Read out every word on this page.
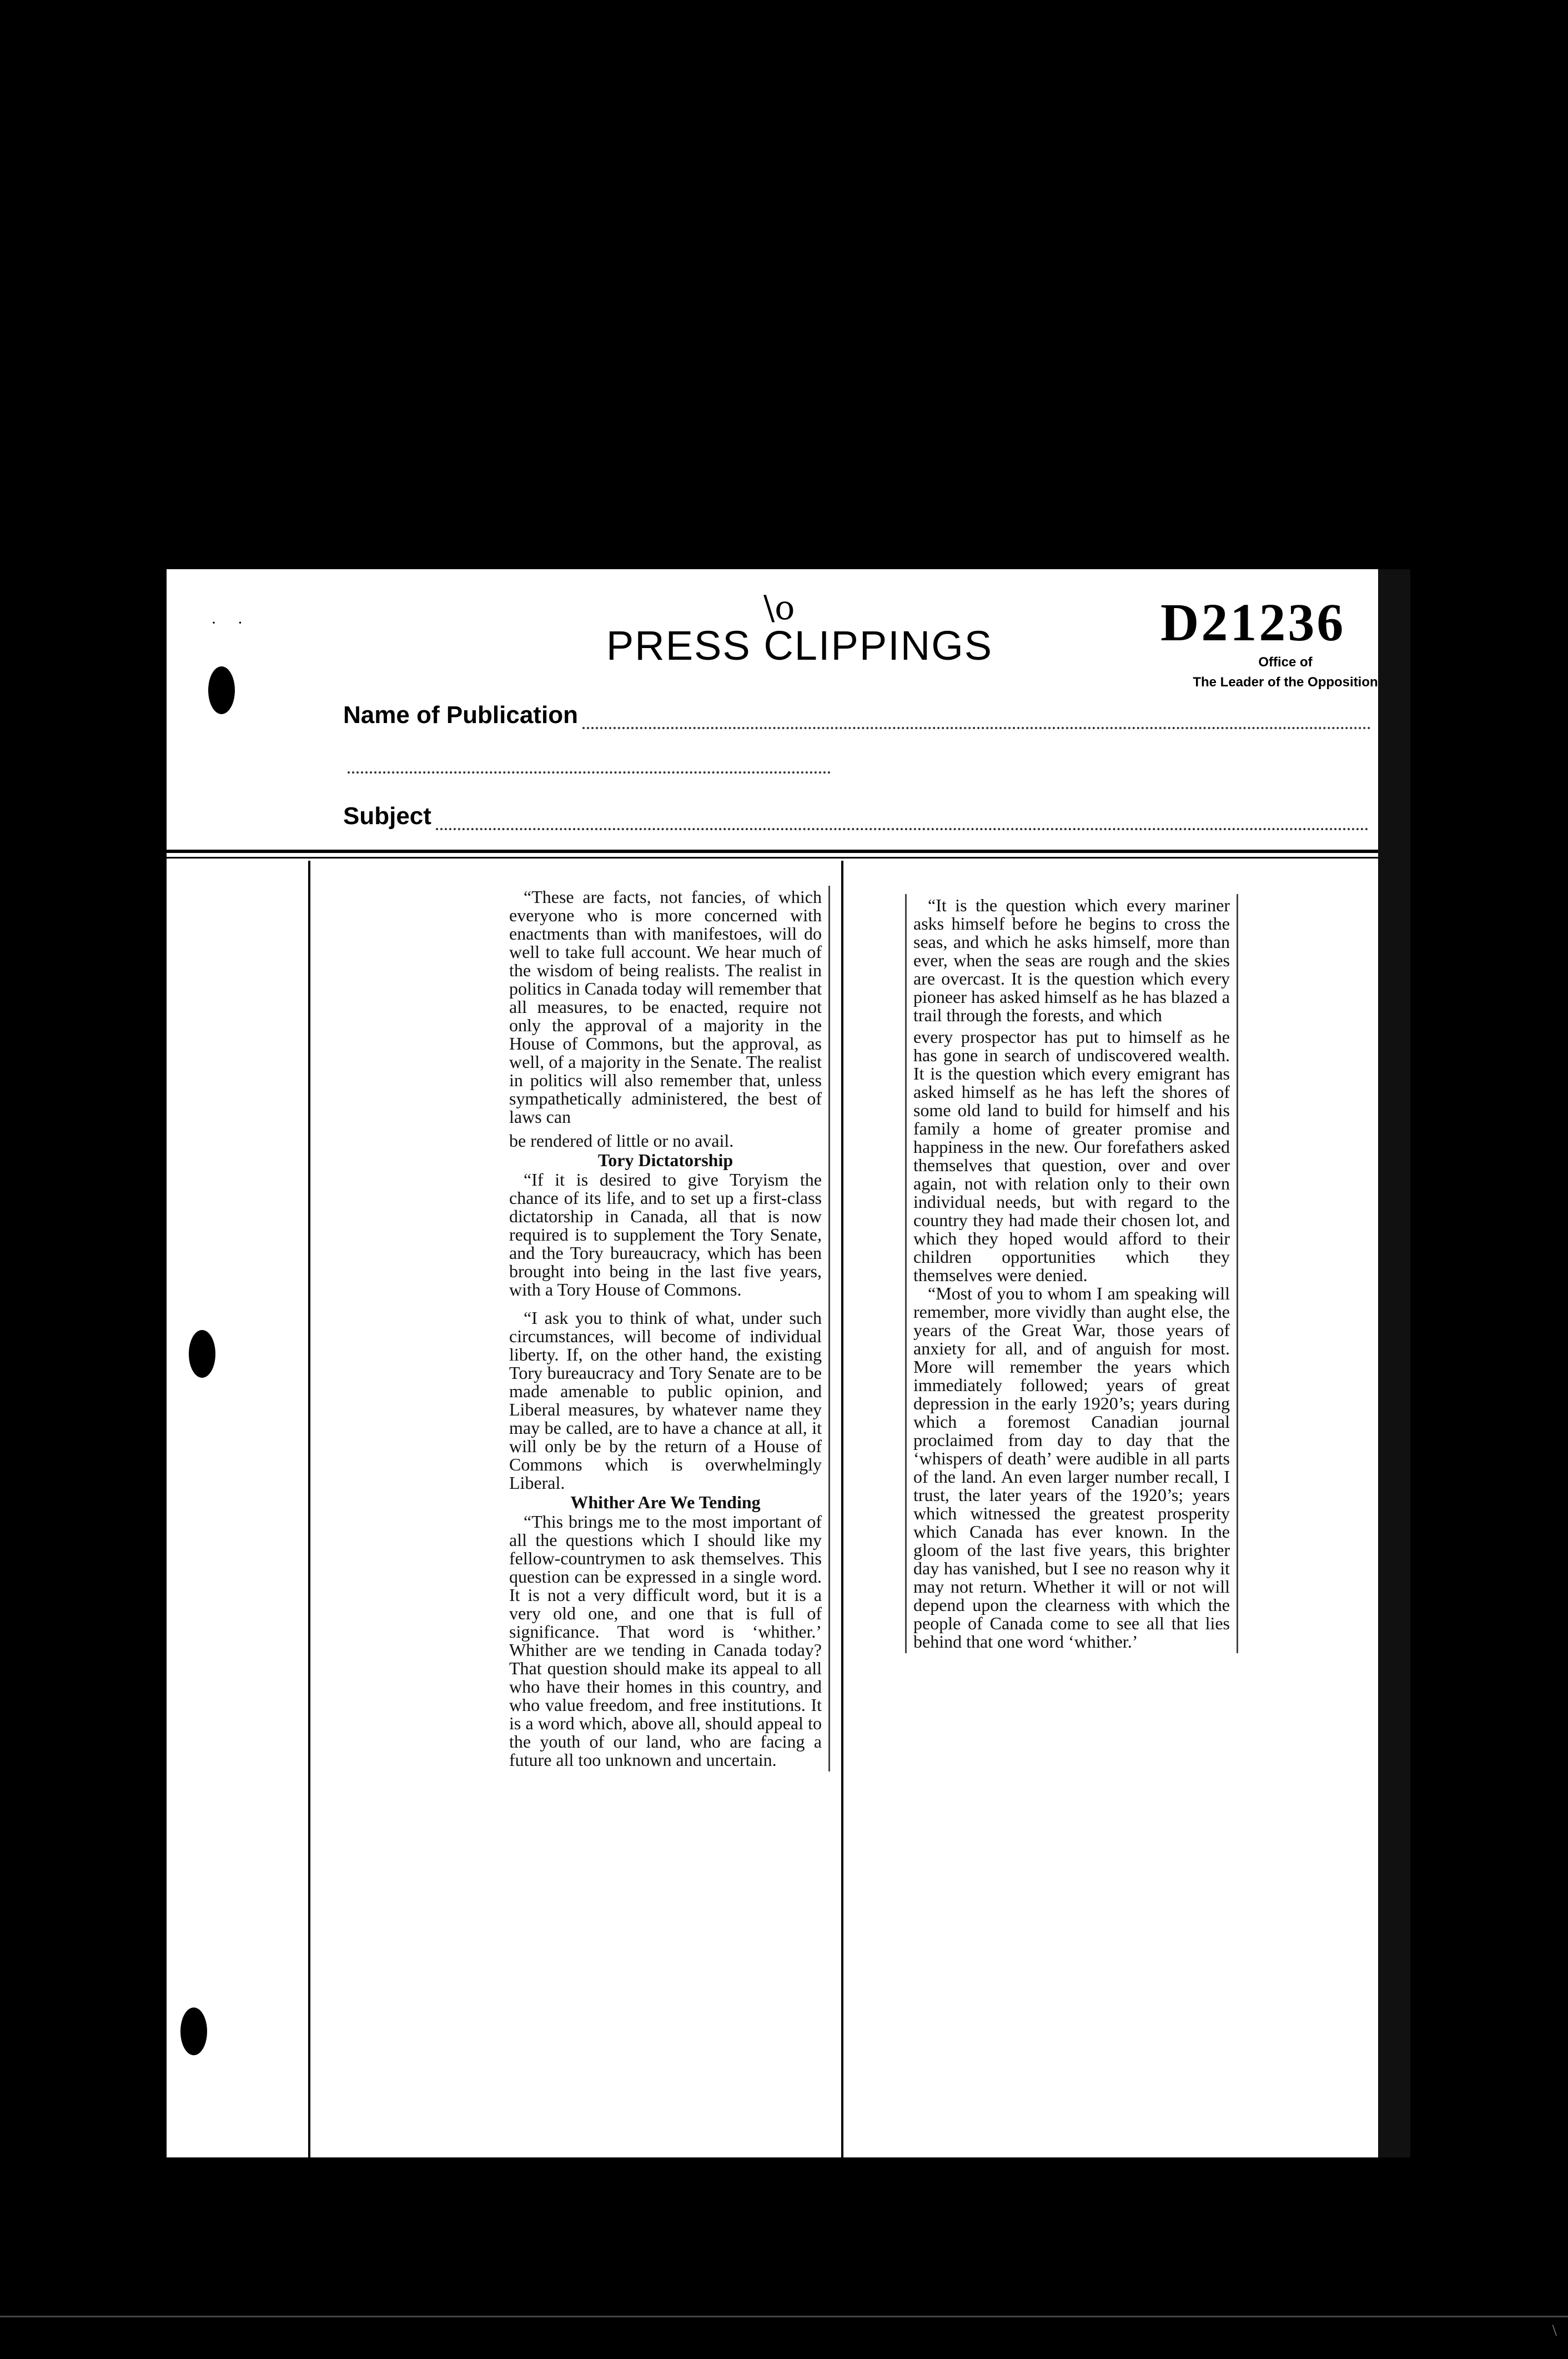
·     ·	\o
PRESS CLIPPINGS	D21236
Office of
The Leader of the Opposition
Name of Publication
Subject

“These are facts, not fancies, of which everyone who is more concerned with enactments than with manifestoes, will do well to take full account. We hear much of the wisdom of being realists. The realist in politics in Canada today will remember that all measures, to be enacted, require not only the approval of a majority in the House of Commons, but the approval, as well, of a majority in the Senate. The realist in politics will also remember that, unless sympathetically administered, the best of laws can

be rendered of little or no avail.

Tory Dictatorship

“If it is desired to give Toryism the chance of its life, and to set up a first-class dictatorship in Canada, all that is now required is to supplement the Tory Senate, and the Tory bureaucracy, which has been brought into being in the last five years, with a Tory House of Commons.

“I ask you to think of what, under such circumstances, will become of individual liberty. If, on the other hand, the existing Tory bureaucracy and Tory Senate are to be made amenable to public opinion, and Liberal measures, by whatever name they may be called, are to have a chance at all, it will only be by the return of a House of Commons which is overwhelmingly Liberal.

Whither Are We Tending

“This brings me to the most important of all the questions which I should like my fellow-countrymen to ask themselves. This question can be expressed in a single word. It is not a very difficult word, but it is a very old one, and one that is full of significance. That word is ‘whither.’ Whither are we tending in Canada today? That question should make its appeal to all who have their homes in this country, and who value freedom, and free institutions. It is a word which, above all, should appeal to the youth of our land, who are facing a future all too unknown and uncertain.

“It is the question which every mariner asks himself before he begins to cross the seas, and which he asks himself, more than ever, when the seas are rough and the skies are overcast. It is the question which every pioneer has asked himself as he has blazed a trail through the forests, and which

every prospector has put to himself as he has gone in search of undiscovered wealth. It is the question which every emigrant has asked himself as he has left the shores of some old land to build for himself and his family a home of greater promise and happiness in the new. Our forefathers asked themselves that question, over and over again, not with relation only to their own individual needs, but with regard to the country they had made their chosen lot, and which they hoped would afford to their children opportunities which they themselves were denied.

“Most of you to whom I am speaking will remember, more vividly than aught else, the years of the Great War, those years of anxiety for all, and of anguish for most. More will remember the years which immediately followed; years of great depression in the early 1920’s; years during which a foremost Canadian journal proclaimed from day to day that the ‘whispers of death’ were audible in all parts of the land. An even larger number recall, I trust, the later years of the 1920’s; years which witnessed the greatest prosperity which Canada has ever known. In the gloom of the last five years, this brighter day has vanished, but I see no reason why it may not return. Whether it will or not will depend upon the clearness with which the people of Canada come to see all that lies behind that one word ‘whither.’

\
